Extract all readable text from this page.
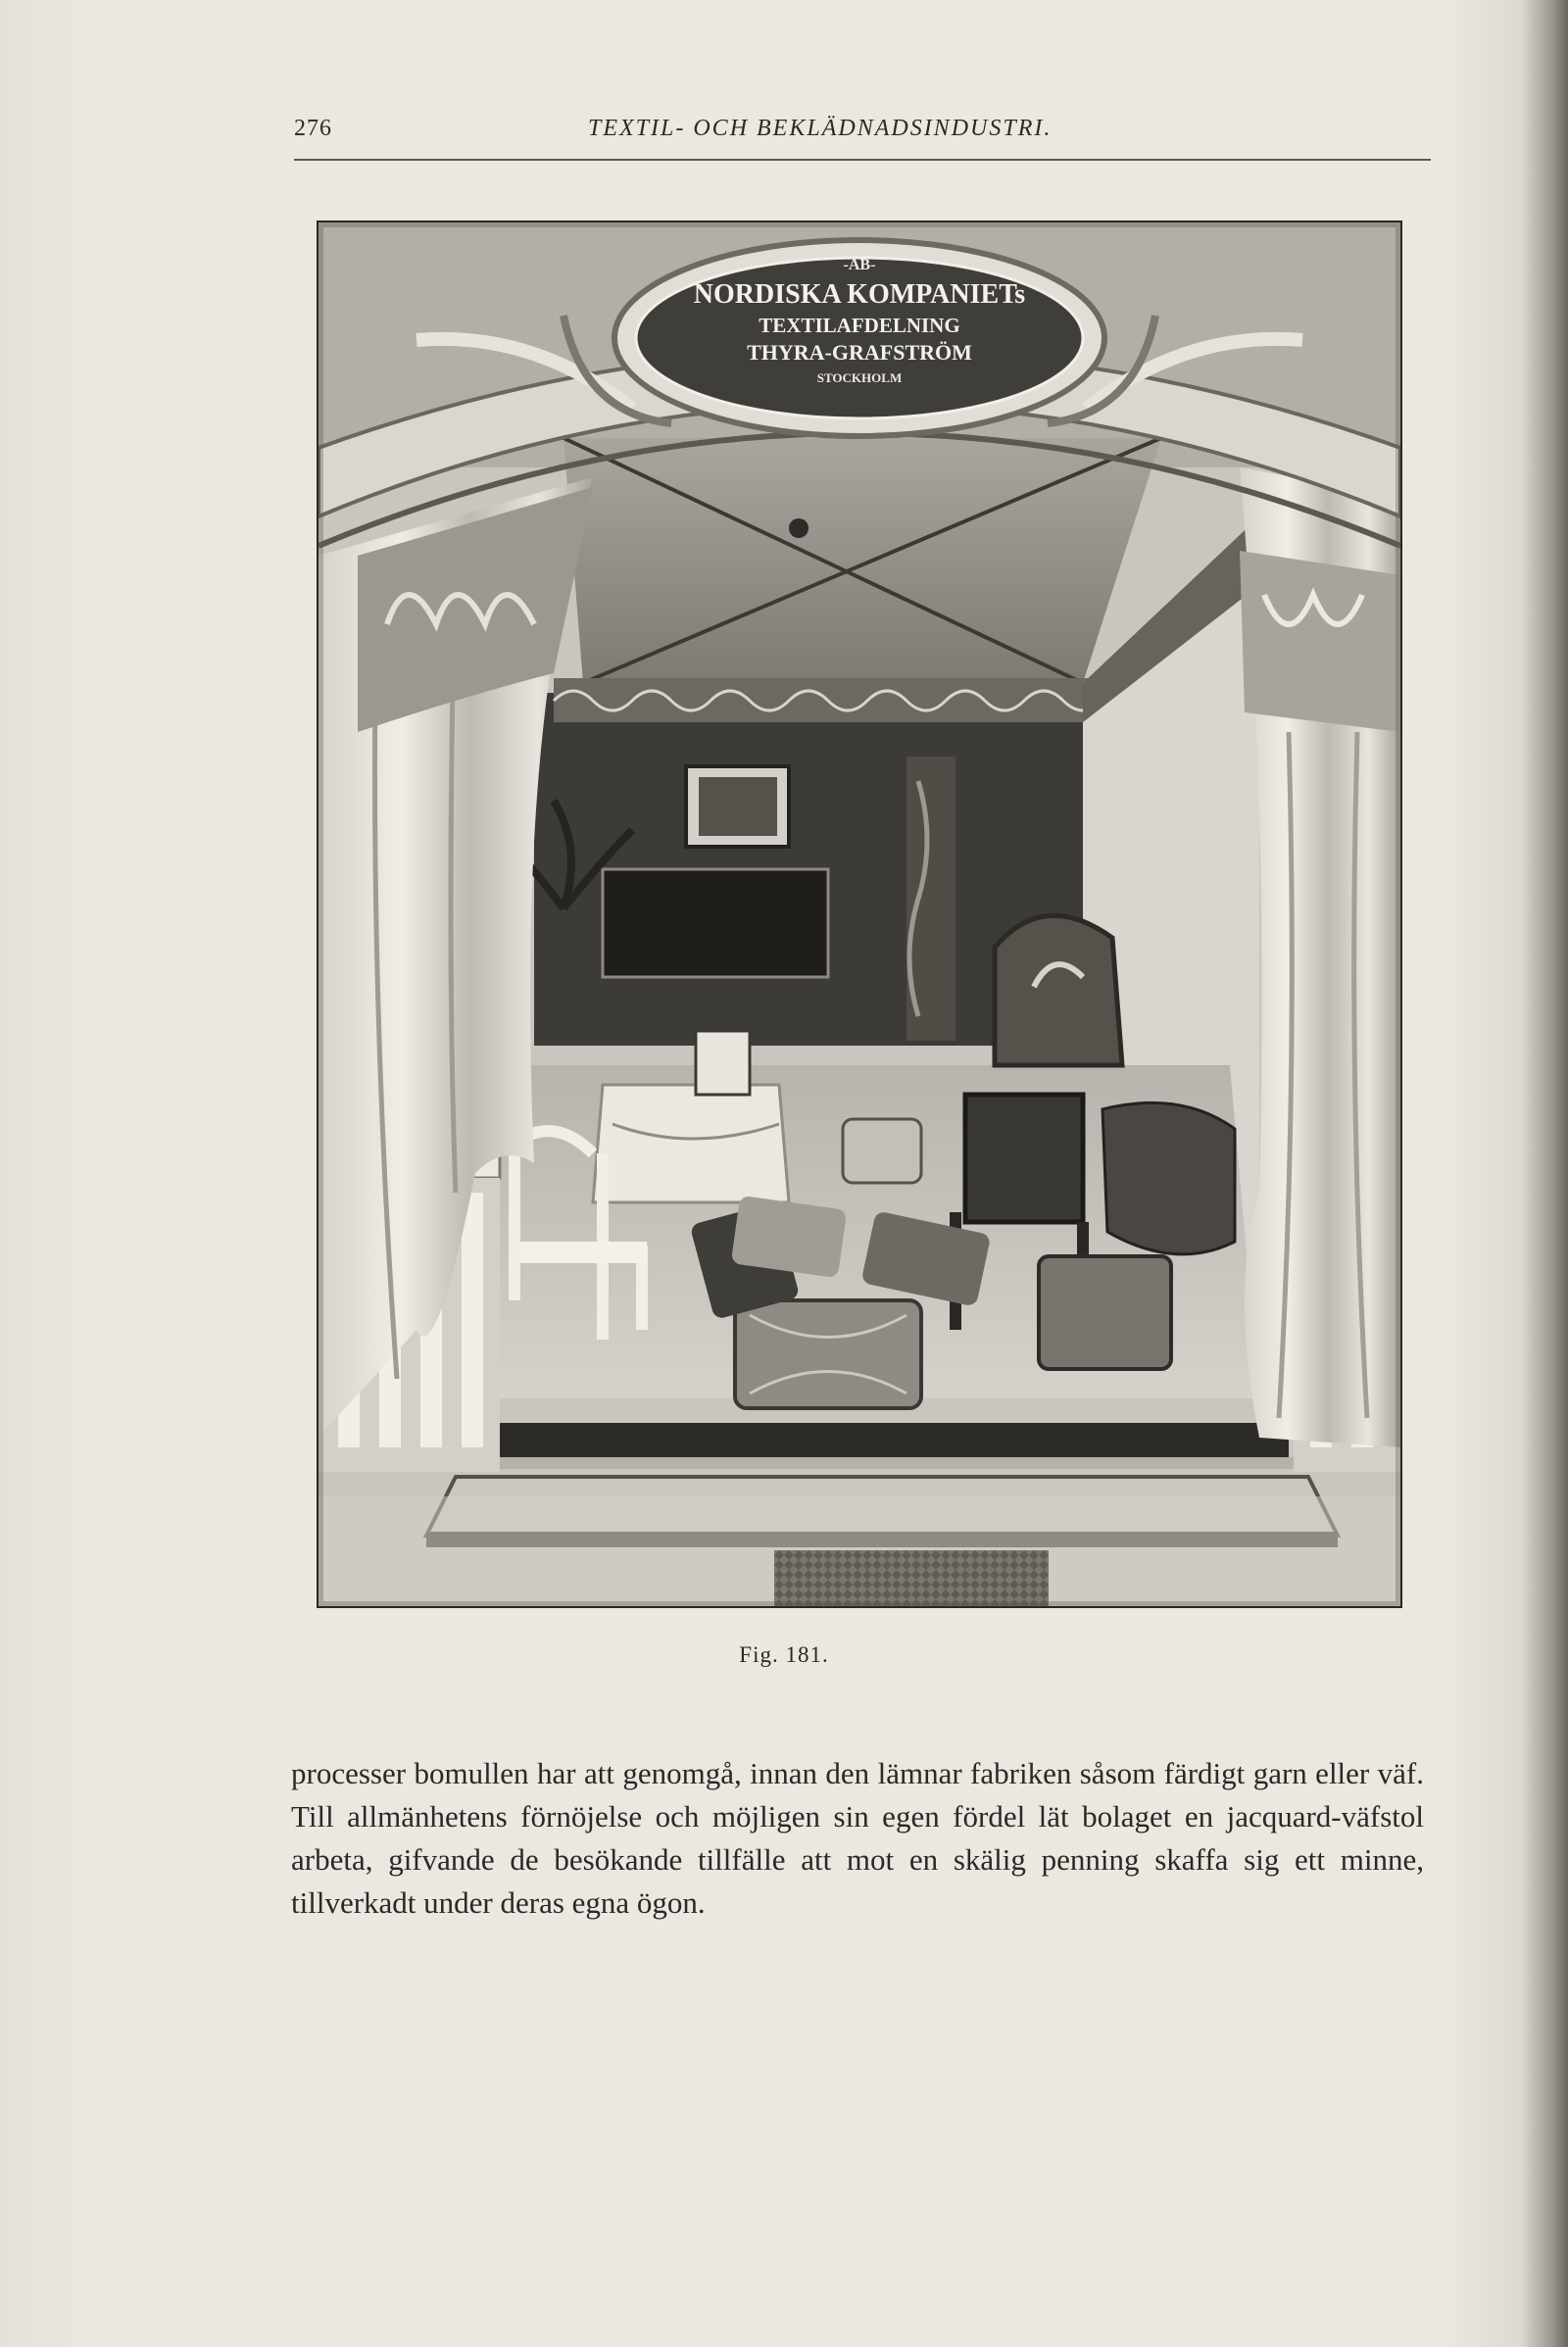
276	TEXTIL- OCH BEKLÄDNADSINDUSTRI.
-AB-
NORDISKA KOMPANIETs
TEXTILAFDELNING
THYRA-GRAFSTRÖM
STOCKHOLM
Fig. 181.

processer bomullen har att genomgå, innan den lämnar fabriken såsom färdigt garn eller väf. Till allmänhetens förnöjelse och möjligen sin egen fördel lät bolaget en jacquard-väfstol arbeta, gifvande de besökande tillfälle att mot en skälig penning skaffa sig ett minne, tillverkadt under deras egna ögon.
